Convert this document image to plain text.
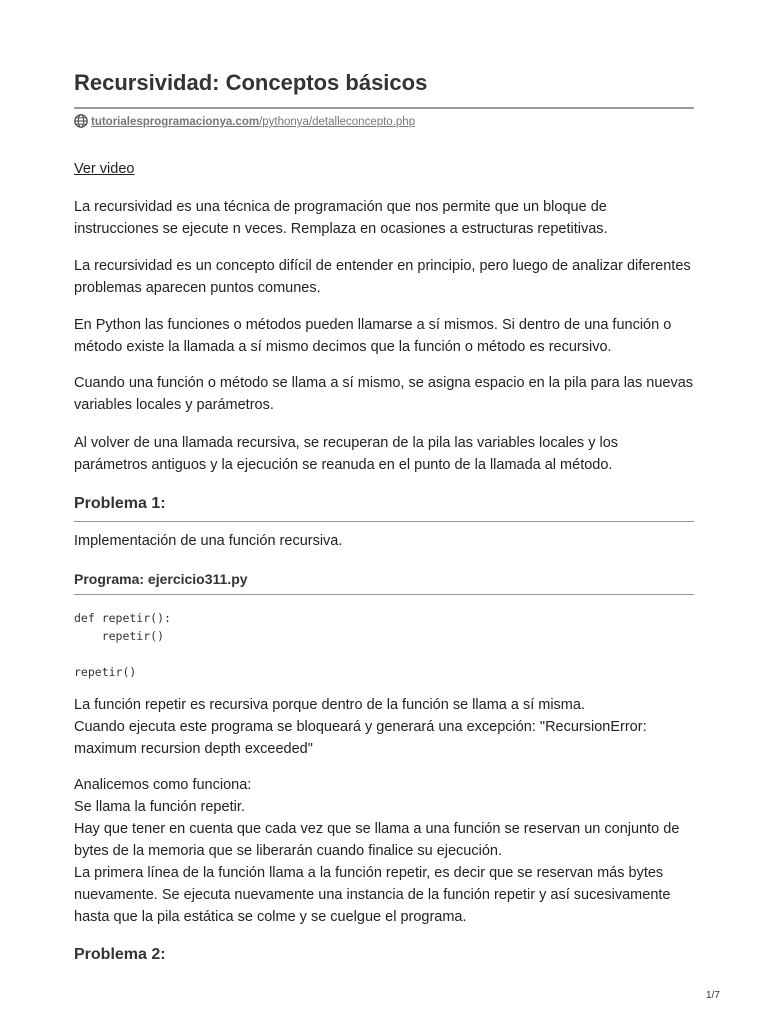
Recursividad: Conceptos básicos
tutorialesprogramacionya.com/pythonya/detalleconcepto.php
Ver video

La recursividad es una técnica de programación que nos permite que un bloque de instrucciones se ejecute n veces. Remplaza en ocasiones a estructuras repetitivas.

La recursividad es un concepto difícil de entender en principio, pero luego de analizar diferentes problemas aparecen puntos comunes.

En Python las funciones o métodos pueden llamarse a sí mismos. Si dentro de una función o método existe la llamada a sí mismo decimos que la función o método es recursivo.

Cuando una función o método se llama a sí mismo, se asigna espacio en la pila para las nuevas variables locales y parámetros.

Al volver de una llamada recursiva, se recuperan de la pila las variables locales y los parámetros antiguos y la ejecución se reanuda en el punto de la llamada al método.

Problema 1:

Implementación de una función recursiva.

Programa: ejercicio311.py
def repetir():
repetir()

repetir()

La función repetir es recursiva porque dentro de la función se llama a sí misma.
Cuando ejecuta este programa se bloqueará y generará una excepción: "RecursionError: maximum recursion depth exceeded"

Analicemos como funciona:
Se llama la función repetir.
Hay que tener en cuenta que cada vez que se llama a una función se reservan un conjunto de bytes de la memoria que se liberarán cuando finalice su ejecución.
La primera línea de la función llama a la función repetir, es decir que se reservan más bytes nuevamente. Se ejecuta nuevamente una instancia de la función repetir y así sucesivamente hasta que la pila estática se colme y se cuelgue el programa.

Problema 2:
1/7
